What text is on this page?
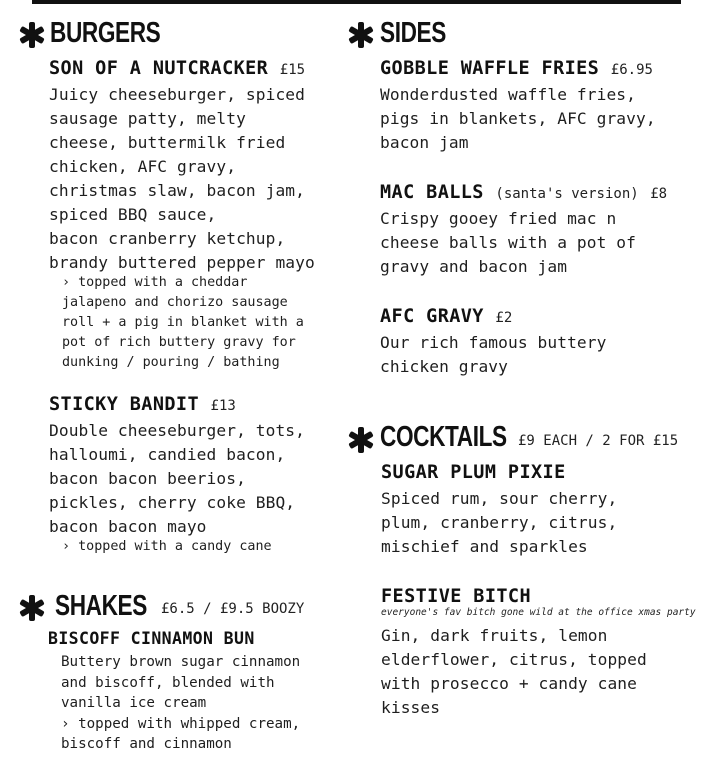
BURGERS
SON OF A NUTCRACKER £15
Juicy cheeseburger, spiced
sausage patty, melty
cheese, buttermilk fried
chicken, AFC gravy,
christmas slaw, bacon jam,
spiced BBQ sauce,
bacon cranberry ketchup,
brandy buttered pepper mayo
› topped with a cheddar
jalapeno and chorizo sausage
roll + a pig in blanket with a
pot of rich buttery gravy for
dunking / pouring / bathing
STICKY BANDIT £13
Double cheeseburger, tots,
halloumi, candied bacon,
bacon bacon beerios,
pickles, cherry coke BBQ,
bacon bacon mayo
› topped with a candy cane
SHAKES	£6.5 / £9.5 BOOZY
BISCOFF CINNAMON BUN
Buttery brown sugar cinnamon
and biscoff, blended with
vanilla ice cream
› topped with whipped cream,
biscoff and cinnamon
SIDES
GOBBLE WAFFLE FRIES £6.95
Wonderdusted waffle fries,
pigs in blankets, AFC gravy,
bacon jam
MAC BALLS (santa's version) £8
Crispy gooey fried mac n
cheese balls with a pot of
gravy and bacon jam
AFC GRAVY £2
Our rich famous buttery
chicken gravy
COCKTAILS £9 EACH / 2 FOR £15
SUGAR PLUM PIXIE
Spiced rum, sour cherry,
plum, cranberry, citrus,
mischief and sparkles
FESTIVE BITCH
everyone's fav bitch gone wild at the office xmas party
Gin, dark fruits, lemon
elderflower, citrus, topped
with prosecco + candy cane
kisses
